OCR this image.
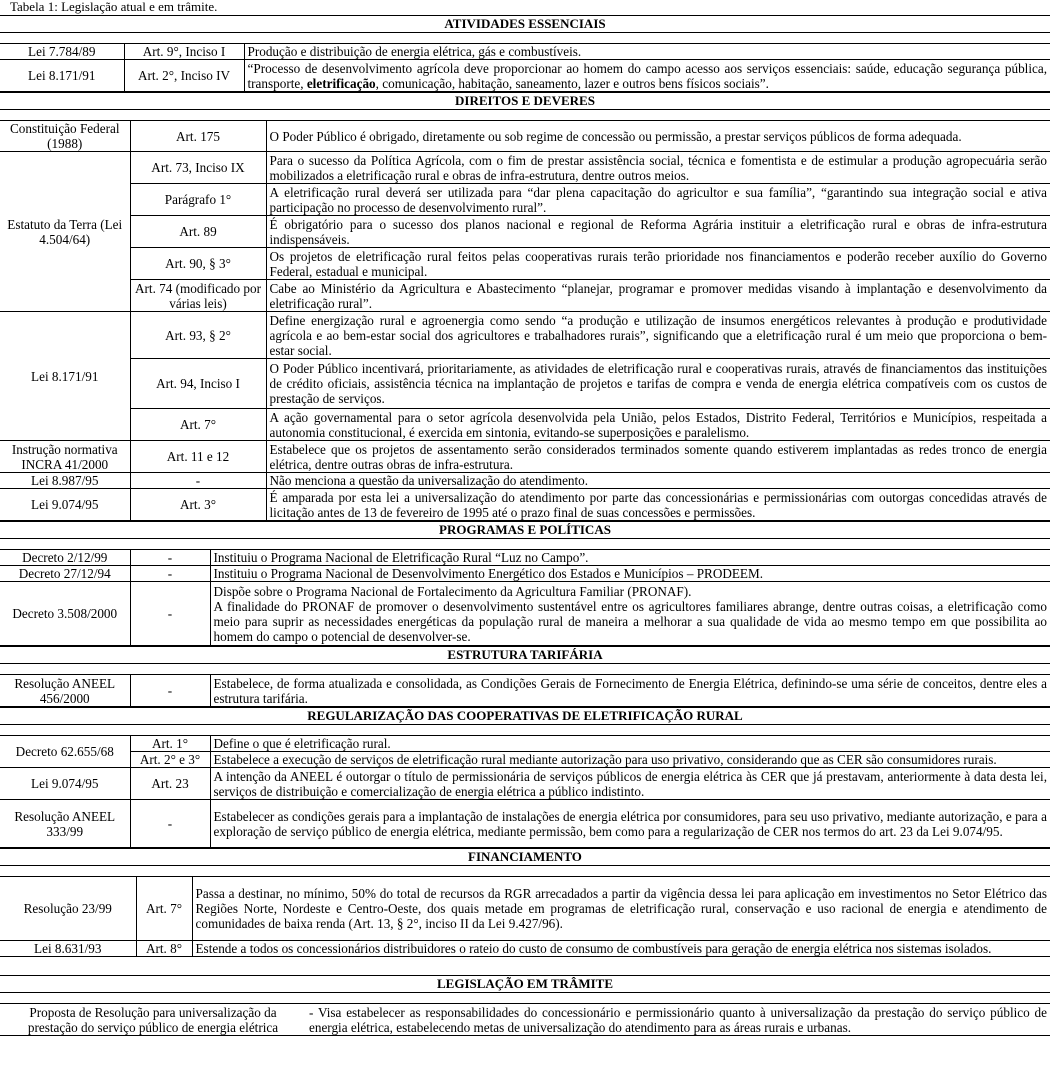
Tabela 1: Legislação atual e em trâmite.
ATIVIDADES ESSENCIAIS
Lei 7.784/89	Art. 9°, Inciso I	Produção e distribuição de energia elétrica, gás e combustíveis.
Lei 8.171/91	Art. 2°, Inciso IV	“Processo de desenvolvimento agrícola deve proporcionar ao homem do campo acesso aos serviços essenciais: saúde, educação segurança pública, transporte, eletrificação, comunicação, habitação, saneamento, lazer e outros bens físicos sociais”.
DIREITOS E DEVERES
Constituição Federal (1988)	Art. 175	O Poder Público é obrigado, diretamente ou sob regime de concessão ou permissão, a prestar serviços públicos de forma adequada.
Estatuto da Terra (Lei 4.504/64)	Art. 73, Inciso IX	Para o sucesso da Política Agrícola, com o fim de prestar assistência social, técnica e fomentista e de estimular a produção agropecuária serão mobilizados a eletrificação rural e obras de infra-estrutura, dentre outros meios.
	Parágrafo 1°	A eletrificação rural deverá ser utilizada para “dar plena capacitação do agricultor e sua família”, “garantindo sua integração social e ativa participação no processo de desenvolvimento rural”.
	Art. 89	É obrigatório para o sucesso dos planos nacional e regional de Reforma Agrária instituir a eletrificação rural e obras de infra-estrutura indispensáveis.
	Art. 90, § 3°	Os projetos de eletrificação rural feitos pelas cooperativas rurais terão prioridade nos financiamentos e poderão receber auxílio do Governo Federal, estadual e municipal.
	Art. 74 (modificado por várias leis)	Cabe ao Ministério da Agricultura e Abastecimento “planejar, programar e promover medidas visando à implantação e desenvolvimento da eletrificação rural”.
Lei 8.171/91	Art. 93, § 2°	Define energização rural e agroenergia como sendo “a produção e utilização de insumos energéticos relevantes à produção e produtividade agrícola e ao bem-estar social dos agricultores e trabalhadores rurais”, significando que a eletrificação rural é um meio que proporciona o bem-estar social.
	Art. 94, Inciso I	O Poder Público incentivará, prioritariamente, as atividades de eletrificação rural e cooperativas rurais, através de financiamentos das instituições de crédito oficiais, assistência técnica na implantação de projetos e tarifas de compra e venda de energia elétrica compatíveis com os custos de prestação de serviços.
	Art. 7°	A ação governamental para o setor agrícola desenvolvida pela União, pelos Estados, Distrito Federal, Territórios e Municípios, respeitada a autonomia constitucional, é exercida em sintonia, evitando-se superposições e paralelismo.
Instrução normativa INCRA 41/2000	Art. 11 e 12	Estabelece que os projetos de assentamento serão considerados terminados somente quando estiverem implantadas as redes tronco de energia elétrica, dentre outras obras de infra-estrutura.
Lei 8.987/95	-	Não menciona a questão da universalização do atendimento.
Lei 9.074/95	Art. 3°	É amparada por esta lei a universalização do atendimento por parte das concessionárias e permissionárias com outorgas concedidas através de licitação antes de 13 de fevereiro de 1995 até o prazo final de suas concessões e permissões.
PROGRAMAS E POLÍTICAS
Decreto 2/12/99	-	Instituiu o Programa Nacional de Eletrificação Rural “Luz no Campo”.
Decreto 27/12/94	-	Instituiu o Programa Nacional de Desenvolvimento Energético dos Estados e Municípios – PRODEEM.
Decreto 3.508/2000	-	Dispõe sobre o Programa Nacional de Fortalecimento da Agricultura Familiar (PRONAF).
A finalidade do PRONAF de promover o desenvolvimento sustentável entre os agricultores familiares abrange, dentre outras coisas, a eletrificação como meio para suprir as necessidades energéticas da população rural de maneira a melhorar a sua qualidade de vida ao mesmo tempo em que possibilita ao homem do campo o potencial de desenvolver-se.
ESTRUTURA TARIFÁRIA
Resolução ANEEL 456/2000	-	Estabelece, de forma atualizada e consolidada, as Condições Gerais de Fornecimento de Energia Elétrica, definindo-se uma série de conceitos, dentre eles a estrutura tarifária.
REGULARIZAÇÃO DAS COOPERATIVAS DE ELETRIFICAÇÃO RURAL
Decreto 62.655/68	Art. 1°	Define o que é eletrificação rural.
	Art. 2° e 3°	Estabelece a execução de serviços de eletrificação rural mediante autorização para uso privativo, considerando que as CER são consumidores rurais.
Lei 9.074/95	Art. 23	A intenção da ANEEL é outorgar o título de permissionária de serviços públicos de energia elétrica às CER que já prestavam, anteriormente à data desta lei, serviços de distribuição e comercialização de energia elétrica a público indistinto.
Resolução ANEEL 333/99	-	Estabelecer as condições gerais para a implantação de instalações de energia elétrica por consumidores, para seu uso privativo, mediante autorização, e para a exploração de serviço público de energia elétrica, mediante permissão, bem como para a regularização de CER nos termos do art. 23 da Lei 9.074/95.
FINANCIAMENTO
Resolução 23/99	Art. 7°	Passa a destinar, no mínimo, 50% do total de recursos da RGR arrecadados a partir da vigência dessa lei para aplicação em investimentos no Setor Elétrico das Regiões Norte, Nordeste e Centro-Oeste, dos quais metade em programas de eletrificação rural, conservação e uso racional de energia e atendimento de comunidades de baixa renda (Art. 13, § 2°, inciso II da Lei 9.427/96).
Lei 8.631/93	Art. 8°	Estende a todos os concessionários distribuidores o rateio do custo de consumo de combustíveis para geração de energia elétrica nos sistemas isolados.
LEGISLAÇÃO EM TRÂMITE
Proposta de Resolução para universalização da prestação do serviço público de energia elétrica	- Visa estabelecer as responsabilidades do concessionário e permissionário quanto à universalização da prestação do serviço público de energia elétrica, estabelecendo metas de universalização do atendimento para as áreas rurais e urbanas.
